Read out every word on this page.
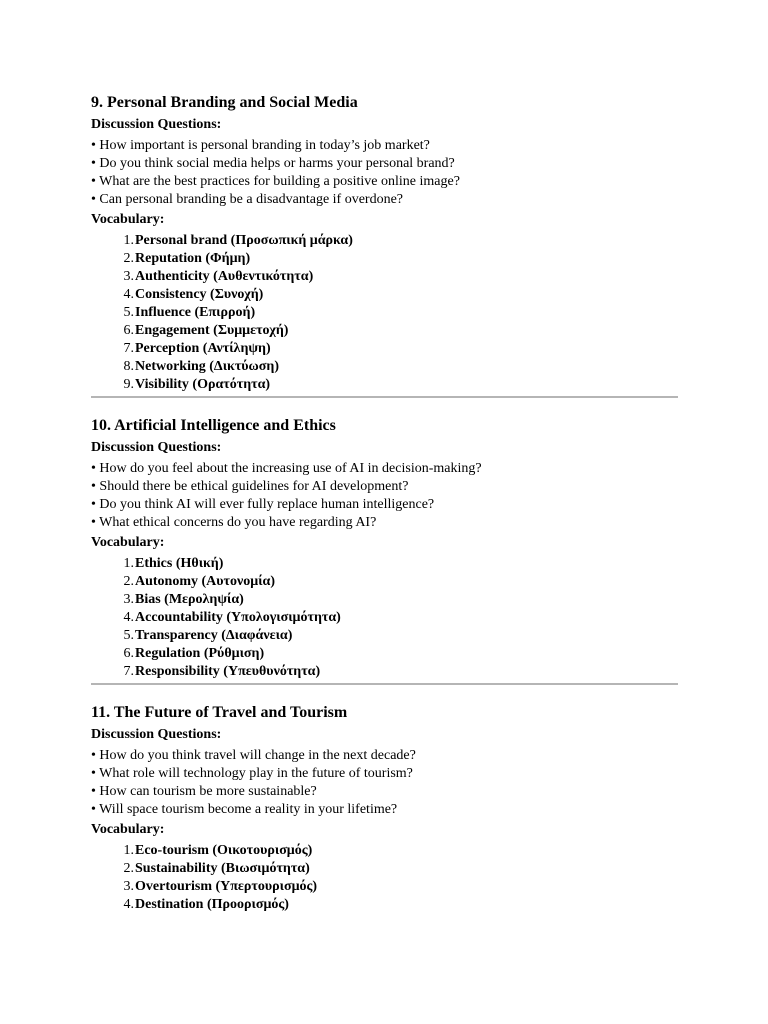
9. Personal Branding and Social Media
Discussion Questions:
• How important is personal branding in today’s job market?
• Do you think social media helps or harms your personal brand?
• What are the best practices for building a positive online image?
• Can personal branding be a disadvantage if overdone?
Vocabulary:
1. Personal brand (Προσωπική μάρκα)
2. Reputation (Φήμη)
3. Authenticity (Αυθεντικότητα)
4. Consistency (Συνοχή)
5. Influence (Επιρροή)
6. Engagement (Συμμετοχή)
7. Perception (Αντίληψη)
8. Networking (Δικτύωση)
9. Visibility (Ορατότητα)
10. Artificial Intelligence and Ethics
Discussion Questions:
• How do you feel about the increasing use of AI in decision-making?
• Should there be ethical guidelines for AI development?
• Do you think AI will ever fully replace human intelligence?
• What ethical concerns do you have regarding AI?
Vocabulary:
1. Ethics (Ηθική)
2. Autonomy (Αυτονομία)
3. Bias (Μεροληψία)
4. Accountability (Υπολογισιμότητα)
5. Transparency (Διαφάνεια)
6. Regulation (Ρύθμιση)
7. Responsibility (Υπευθυνότητα)
11. The Future of Travel and Tourism
Discussion Questions:
• How do you think travel will change in the next decade?
• What role will technology play in the future of tourism?
• How can tourism be more sustainable?
• Will space tourism become a reality in your lifetime?
Vocabulary:
1. Eco-tourism (Οικοτουρισμός)
2. Sustainability (Βιωσιμότητα)
3. Overtourism (Υπερτουρισμός)
4. Destination (Προορισμός)
